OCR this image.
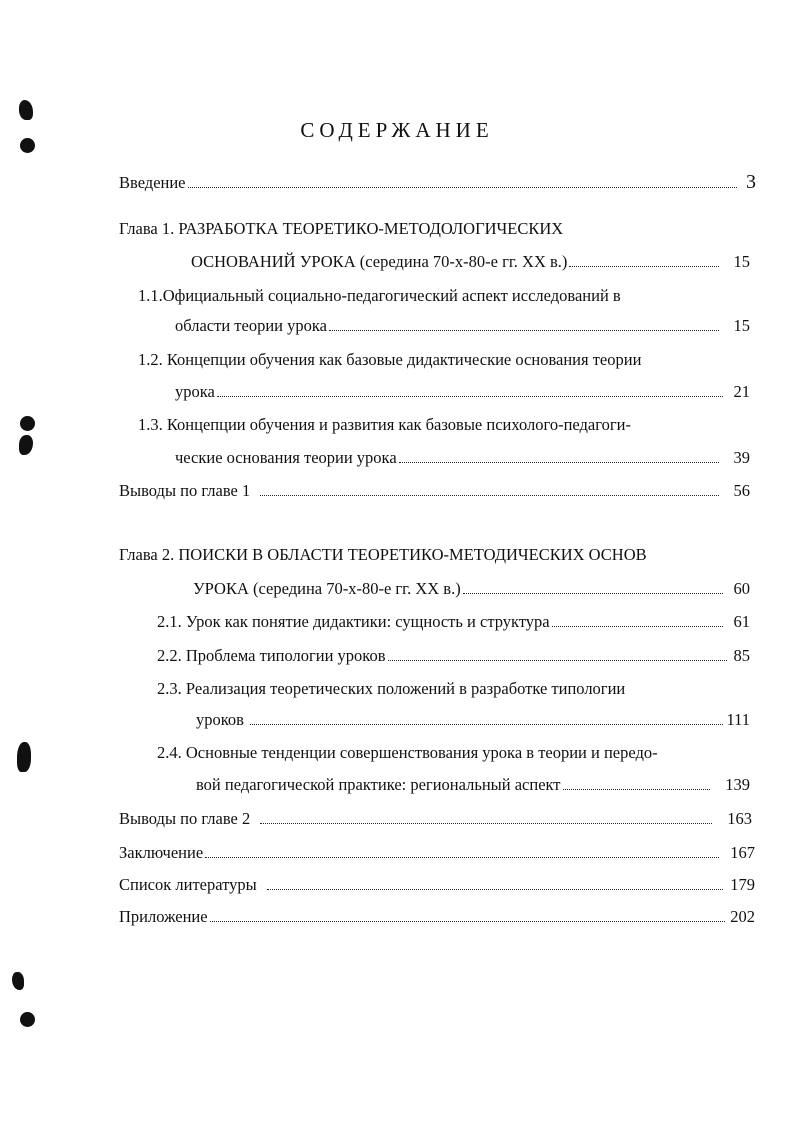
СОДЕРЖАНИЕ
Введение	3
Глава 1. РАЗРАБОТКА ТЕОРЕТИКО-МЕТОДОЛОГИЧЕСКИХ
ОСНОВАНИЙ УРОКА (середина 70-х-80-е гг. XX в.)	15
1.1.Официальный социально-педагогический аспект исследований в
области теории урока	15
1.2. Концепции обучения как базовые дидактические основания теории
урока	21
1.3. Концепции обучения и развития как базовые психолого-педагоги-
ческие основания теории урока	39
Выводы по главе 1	56
Глава 2. ПОИСКИ В ОБЛАСТИ ТЕОРЕТИКО-МЕТОДИЧЕСКИХ ОСНОВ
УРОКА (середина 70-х-80-е гг. XX в.)	60
2.1. Урок как понятие дидактики: сущность и структура	61
2.2. Проблема типологии уроков	85
2.3. Реализация теоретических положений в разработке типологии
уроков	111
2.4. Основные тенденции совершенствования урока в теории и передо-
вой педагогической практике: региональный аспект	139
Выводы по главе 2	163
Заключение	167
Список литературы	179
Приложение	202
